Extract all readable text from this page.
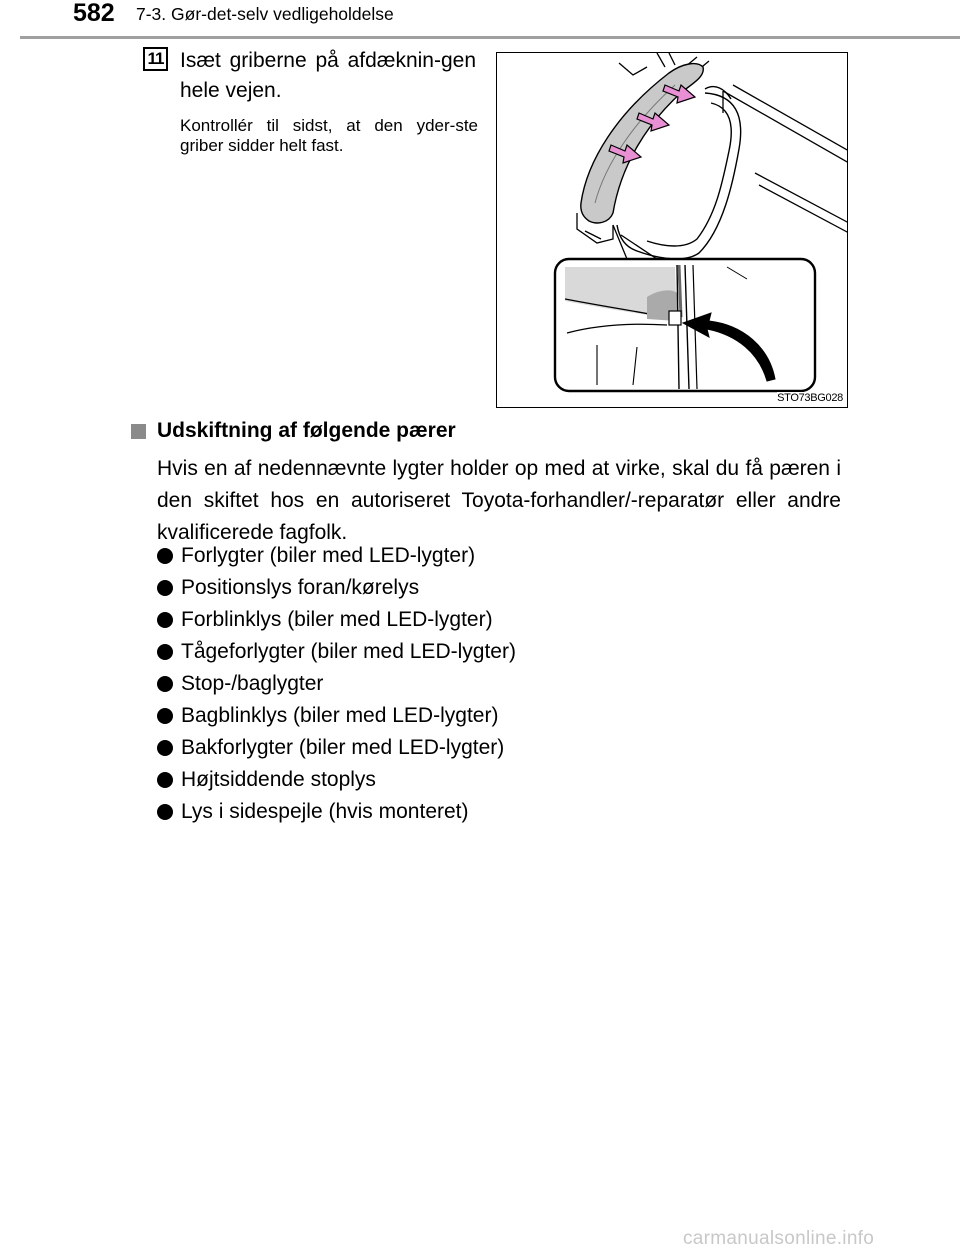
582 7-3. Gør-det-selv vedligeholdelse
11 Isæt griberne på afdæknin-gen hele vejen.
Kontrollér til sidst, at den yder-ste griber sidder helt fast.
STO73BG028
Udskiftning af følgende pærer
Hvis en af nedennævnte lygter holder op med at virke, skal du få pæren i den skiftet hos en autoriseret Toyota-forhandler/-reparatør eller andre kvalificerede fagfolk.
Forlygter (biler med LED-lygter)
Positionslys foran/kørelys
Forblinklys (biler med LED-lygter)
Tågeforlygter (biler med LED-lygter)
Stop-/baglygter
Bagblinklys (biler med LED-lygter)
Bakforlygter (biler med LED-lygter)
Højtsiddende stoplys
Lys i sidespejle (hvis monteret)
carmanualsonline.info
